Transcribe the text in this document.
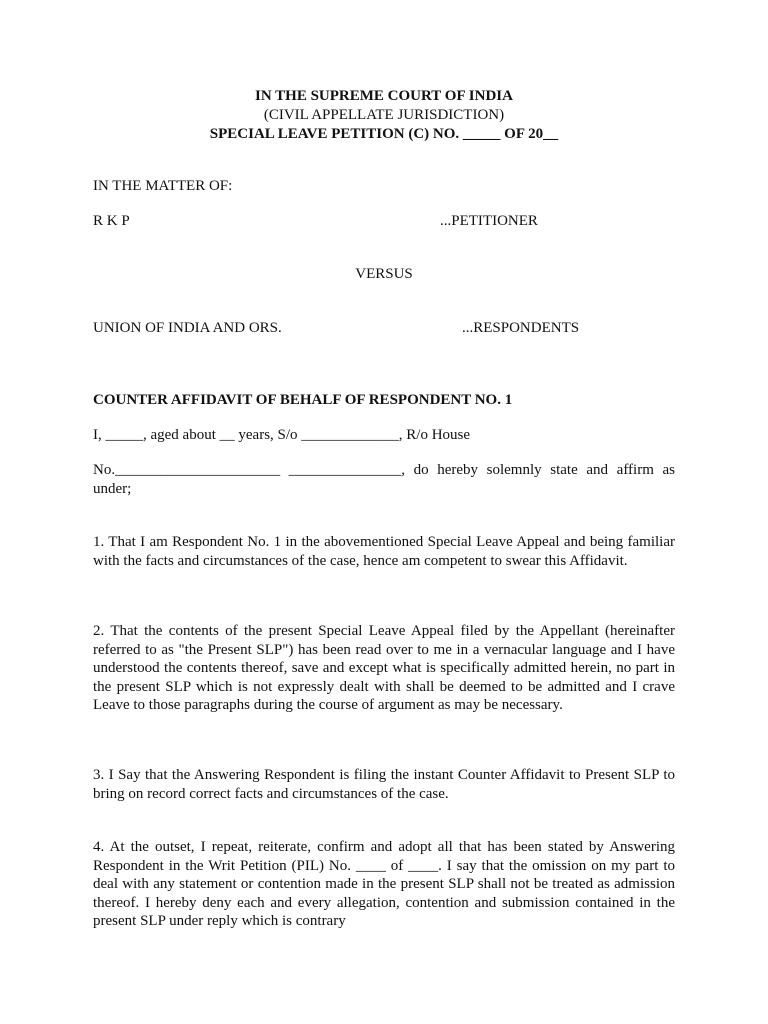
IN THE SUPREME COURT OF INDIA
(CIVIL APPELLATE JURISDICTION)
SPECIAL LEAVE PETITION (C) NO. _____ OF 20__
IN THE MATTER OF:
R K P	...PETITIONER
VERSUS
UNION OF INDIA AND ORS.	...RESPONDENTS
COUNTER AFFIDAVIT OF BEHALF OF RESPONDENT NO. 1
I, _____, aged about __ years, S/o _____________, R/o House
No.______________________ _______________, do hereby solemnly state and affirm as under;
1. That I am Respondent No. 1 in the abovementioned Special Leave Appeal and being familiar with the facts and circumstances of the case, hence am competent to swear this Affidavit.
2. That the contents of the present Special Leave Appeal filed by the Appellant (hereinafter referred to as "the Present SLP") has been read over to me in a vernacular language and I have understood the contents thereof, save and except what is specifically admitted herein, no part in the present SLP which is not expressly dealt with shall be deemed to be admitted and I crave Leave to those paragraphs during the course of argument as may be necessary.
3. I Say that the Answering Respondent is filing the instant Counter Affidavit to Present SLP to bring on record correct facts and circumstances of the case.
4. At the outset, I repeat, reiterate, confirm and adopt all that has been stated by Answering Respondent in the Writ Petition (PIL) No. ____ of ____. I say that the omission on my part to deal with any statement or contention made in the present SLP shall not be treated as admission thereof. I hereby deny each and every allegation, contention and submission contained in the present SLP under reply which is contrary
